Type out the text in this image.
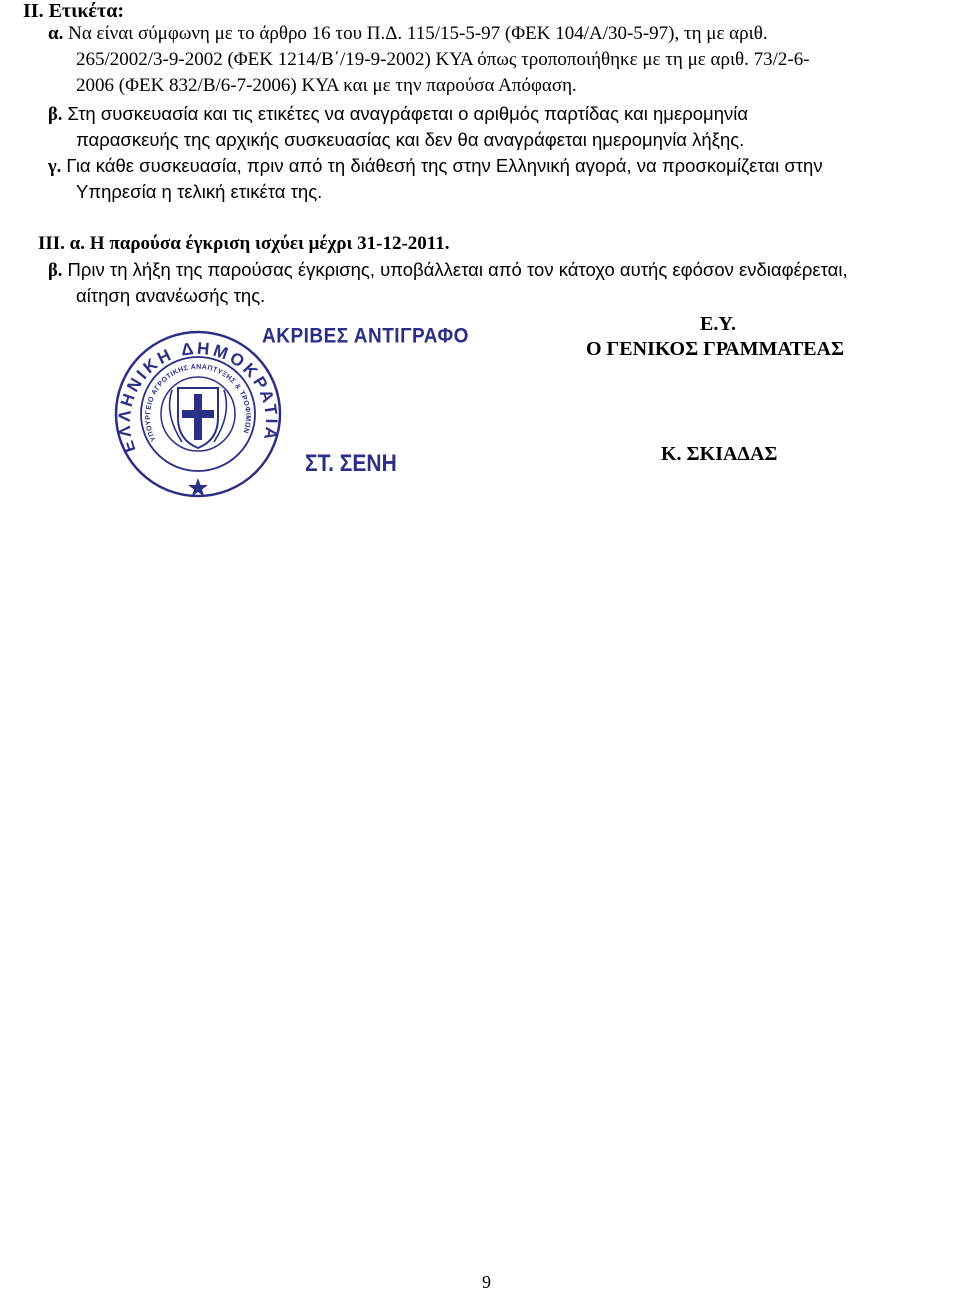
ΙΙ. Ετικέτα:
α. Να είναι σύμφωνη με το άρθρο 16 του Π.Δ. 115/15-5-97 (ΦΕΚ 104/Α/30-5-97), τη με αριθ.
265/2002/3-9-2002 (ΦΕΚ 1214/Β΄/19-9-2002) ΚΥΑ όπως τροποποιήθηκε με τη με αριθ. 73/2-6-
2006 (ΦΕΚ 832/Β/6-7-2006) ΚΥΑ και με την παρούσα Απόφαση.
β. Στη συσκευασία και τις ετικέτες να αναγράφεται ο αριθμός παρτίδας και ημερομηνία
παρασκευής της αρχικής συσκευασίας και δεν θα αναγράφεται ημερομηνία λήξης.
γ. Για κάθε συσκευασία, πριν από τη διάθεσή της στην Ελληνική αγορά, να προσκομίζεται στην
Υπηρεσία η τελική ετικέτα της.
ΙΙΙ. α. Η παρούσα έγκριση ισχύει μέχρι 31-12-2011.
β. Πριν τη λήξη της παρούσας έγκρισης, υποβάλλεται από τον κάτοχο αυτής εφόσον ενδιαφέρεται,
αίτηση ανανέωσής της.
Ε.Υ.
Ο ΓΕΝΙΚΟΣ ΓΡΑΜΜΑΤΕΑΣ
Κ. ΣΚΙΑΔΑΣ
ΕΛΛΗΝΙΚΗ ΔΗΜΟΚΡΑΤΙΑ
ΥΠΟΥΡΓΕΙΟ ΑΓΡΟΤΙΚΗΣ ΑΝΑΠΤΥΞΗΣ & ΤΡΟΦΙΜΩΝ
ΑΚΡΙΒΕΣ ΑΝΤΙΓΡΑΦΟ
ΣΤ. ΣΕΝΗ
9
